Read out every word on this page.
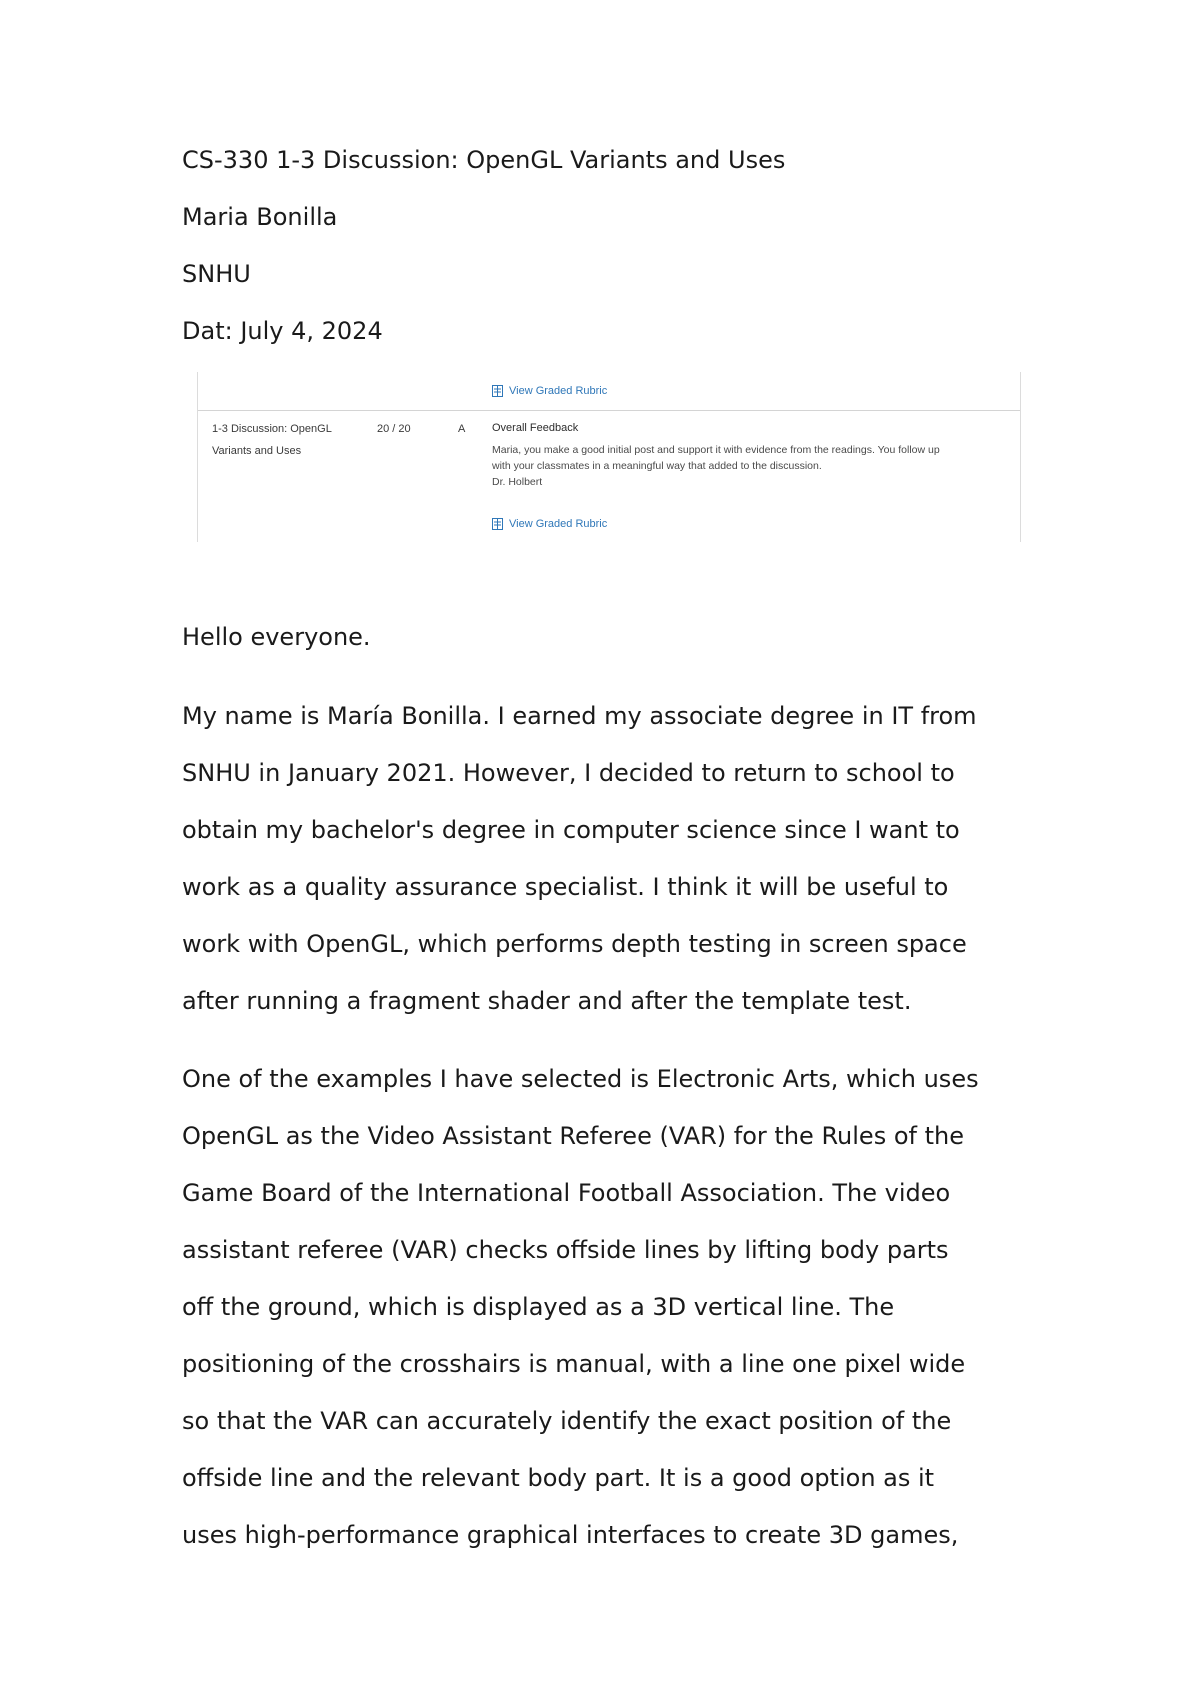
CS-330 1-3 Discussion: OpenGL Variants and Uses
Maria Bonilla
SNHU
Dat: July 4, 2024
View Graded Rubric
1-3 Discussion: OpenGL
Variants and Uses
20 / 20	A Overall Feedback
Maria, you make a good initial post and support it with evidence from the readings. You follow up
with your classmates in a meaningful way that added to the discussion.
Dr. Holbert
View Graded Rubric
Hello everyone.
My name is María Bonilla. I earned my associate degree in IT from
SNHU in January 2021. However, I decided to return to school to
obtain my bachelor's degree in computer science since I want to
work as a quality assurance specialist. I think it will be useful to
work with OpenGL, which performs depth testing in screen space
after running a fragment shader and after the template test.
One of the examples I have selected is Electronic Arts, which uses
OpenGL as the Video Assistant Referee (VAR) for the Rules of the
Game Board of the International Football Association. The video
assistant referee (VAR) checks offside lines by lifting body parts
off the ground, which is displayed as a 3D vertical line. The
positioning of the crosshairs is manual, with a line one pixel wide
so that the VAR can accurately identify the exact position of the
offside line and the relevant body part. It is a good option as it
uses high-performance graphical interfaces to create 3D games,
